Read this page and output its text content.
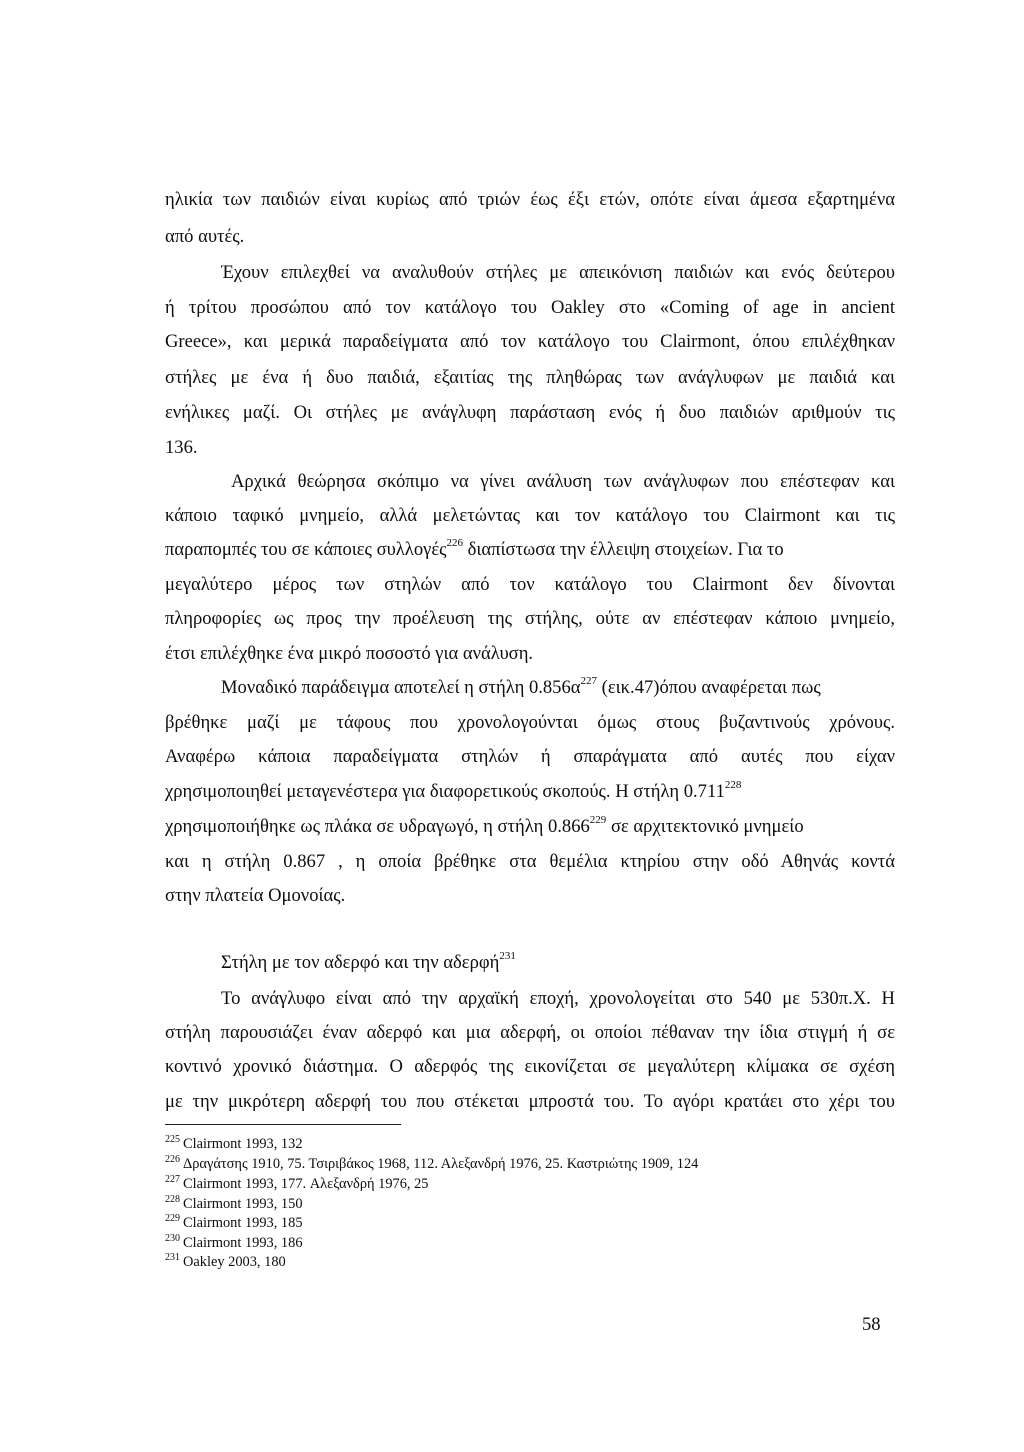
ηλικία των παιδιών είναι κυρίως από τριών έως έξι ετών, οπότε είναι άμεσα εξαρτημένα
από αυτές.
Έχουν επιλεχθεί να αναλυθούν στήλες με απεικόνιση παιδιών και ενός δεύτερου
ή τρίτου προσώπου από τον κατάλογο του Oakley στο «Coming of age in ancient
Greece», και μερικά παραδείγματα από τον κατάλογο του Clairmont, όπου επιλέχθηκαν
στήλες με ένα ή δυο παιδιά, εξαιτίας της πληθώρας των ανάγλυφων με παιδιά και
ενήλικες μαζί. Οι στήλες με ανάγλυφη παράσταση ενός ή δυο παιδιών αριθμούν τις
136.
Αρχικά θεώρησα σκόπιμο να γίνει ανάλυση των ανάγλυφων που επέστεφαν και
κάποιο ταφικό μνημείο, αλλά μελετώντας και τον κατάλογο του Clairmont και τις
παραπομπές του σε κάποιες συλλογές$^{226}$ διαπίστωσα την έλλειψη στοιχείων. Για το
μεγαλύτερο μέρος των στηλών από τον κατάλογο του Clairmont δεν δίνονται
πληροφορίες ως προς την προέλευση της στήλης, ούτε αν επέστεφαν κάποιο μνημείο,
έτσι επιλέχθηκε ένα μικρό ποσοστό για ανάλυση.
Μοναδικό παράδειγμα αποτελεί η στήλη $0.856\alpha^{227}$ (εικ.47)όπου αναφέρεται πως
βρέθηκε μαζί με τάφους που χρονολογούνται όμως στους βυζαντινούς χρόνους.
Αναφέρω κάποια παραδείγματα στηλών ή σπαράγματα από αυτές που είχαν
χρησιμοποιηθεί μεταγενέστερα για διαφορετικούς σκοπούς. Η στήλη 0.711$^{228}$
χρησιμοποιήθηκε ως πλάκα σε υδραγωγό, η στήλη 0.866$^{229}$ σε αρχιτεκτονικό μνημείο
και η στήλη 0.867 , η οποία βρέθηκε στα θεμέλια κτηρίου στην οδό Αθηνάς κοντά
στην πλατεία Ομονοίας.
Στήλη με τον αδερφό και την αδερφή$^{231}$
Το ανάγλυφο είναι από την αρχαϊκή εποχή, χρονολογείται στο 540 με 530π.Χ. Η
στήλη παρουσιάζει έναν αδερφό και μια αδερφή, οι οποίοι πέθαναν την ίδια στιγμή ή σε
κοντινό χρονικό διάστημα. Ο αδερφός της εικονίζεται σε μεγαλύτερη κλίμακα σε σχέση
με την μικρότερη αδερφή του που στέκεται μπροστά του. Το αγόρι κρατάει στο χέρι του
$^{225}$ Clairmont 1993, 132
$^{226}$ Δραγάτσης 1910, 75. Τσιριβάκος 1968, 112. Αλεξανδρή 1976, 25. Καστριώτης 1909, 124
$^{227}$ Clairmont 1993, 177. Αλεξανδρή 1976, 25
$^{228}$ Clairmont 1993, 150
$^{229}$ Clairmont 1993, 185
$^{230}$ Clairmont 1993, 186
$^{231}$ Oakley 2003, 180
58
